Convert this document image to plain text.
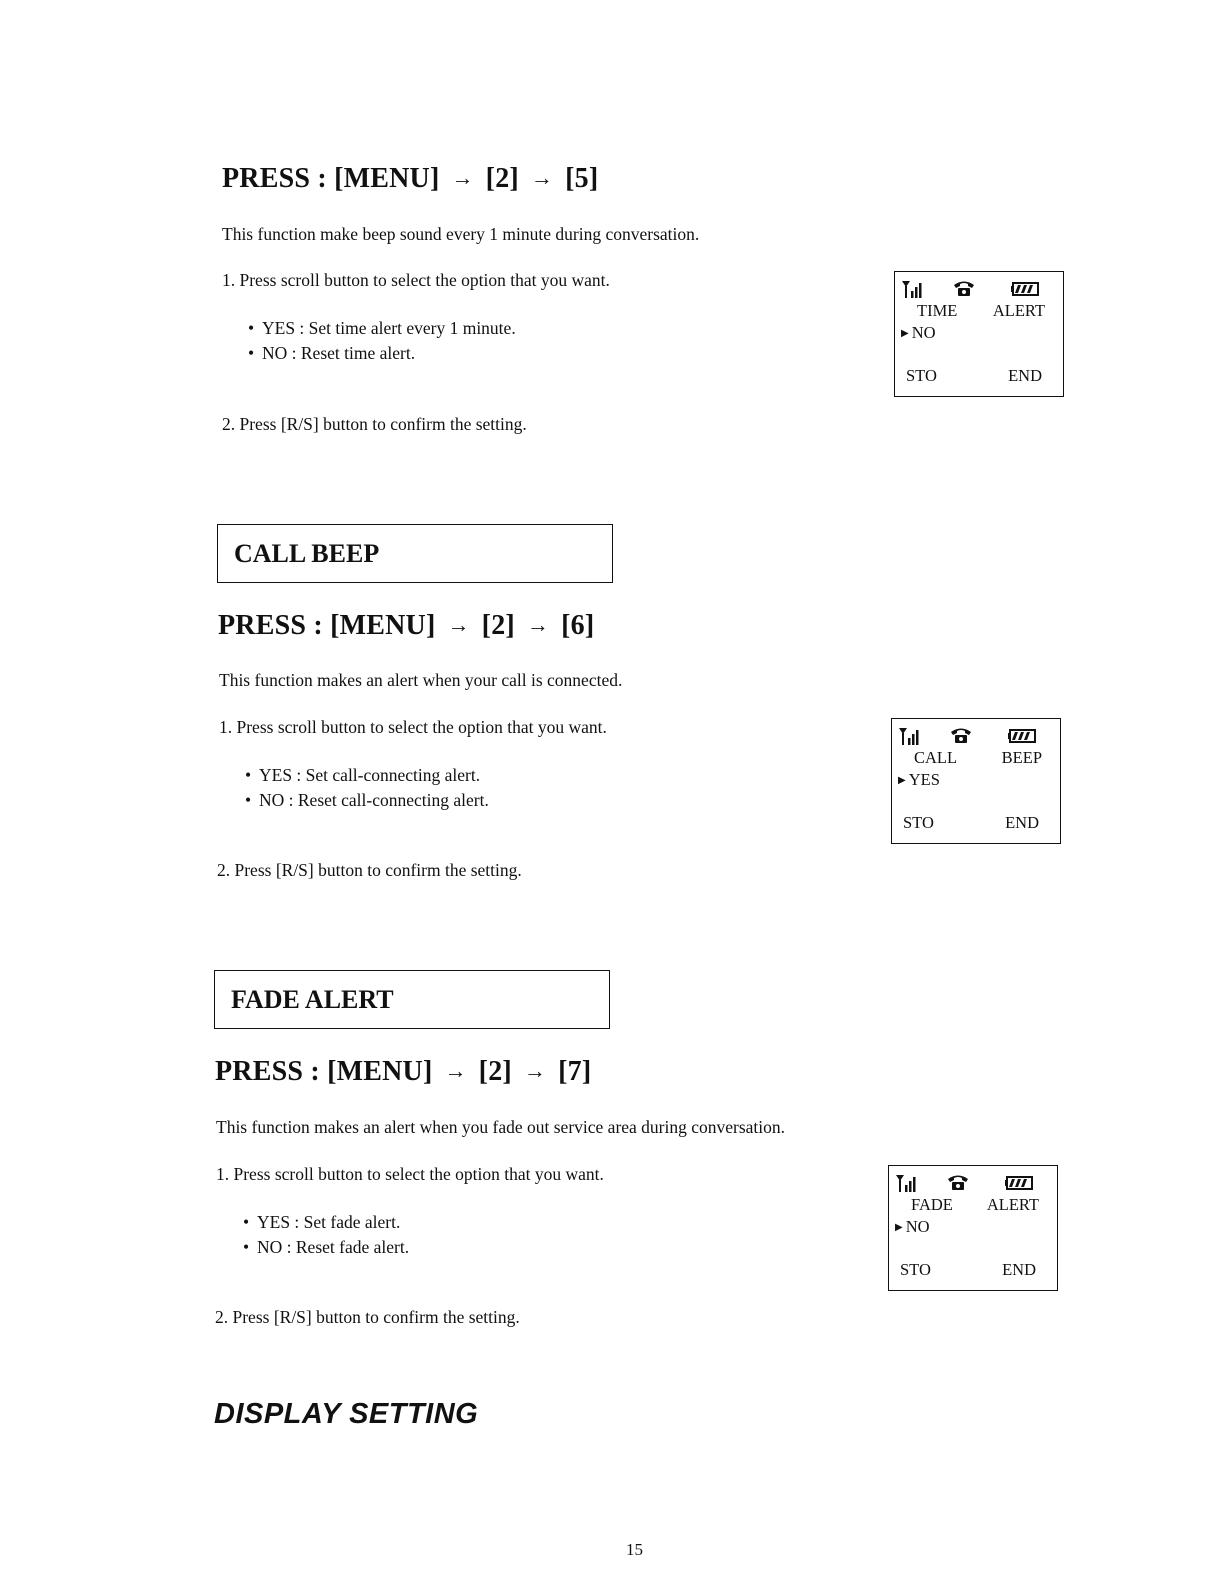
PRESS : [MENU] → [2] → [5]
This function make beep sound every 1 minute during conversation.
1. Press scroll button to select the option that you want.
• YES : Set time alert every 1 minute.
• NO : Reset time alert.
2. Press [R/S] button to confirm the setting.
TIME ALERT
▶ NO
STO	END
CALL BEEP
PRESS : [MENU] → [2] → [6]
This function makes an alert when your call is connected.
1. Press scroll button to select the option that you want.
• YES : Set call-connecting alert.
• NO : Reset call-connecting alert.
2. Press [R/S] button to confirm the setting.
CALL	BEEP
▶ YES
STO	END
FADE ALERT
PRESS : [MENU] → [2] → [7]
This function makes an alert when you fade out service area during conversation.
1. Press scroll button to select the option that you want.
• YES : Set fade alert.
• NO : Reset fade alert.
2. Press [R/S] button to confirm the setting.
FADE ALERT
▶ NO
STO	END
DISPLAY SETTING
15
